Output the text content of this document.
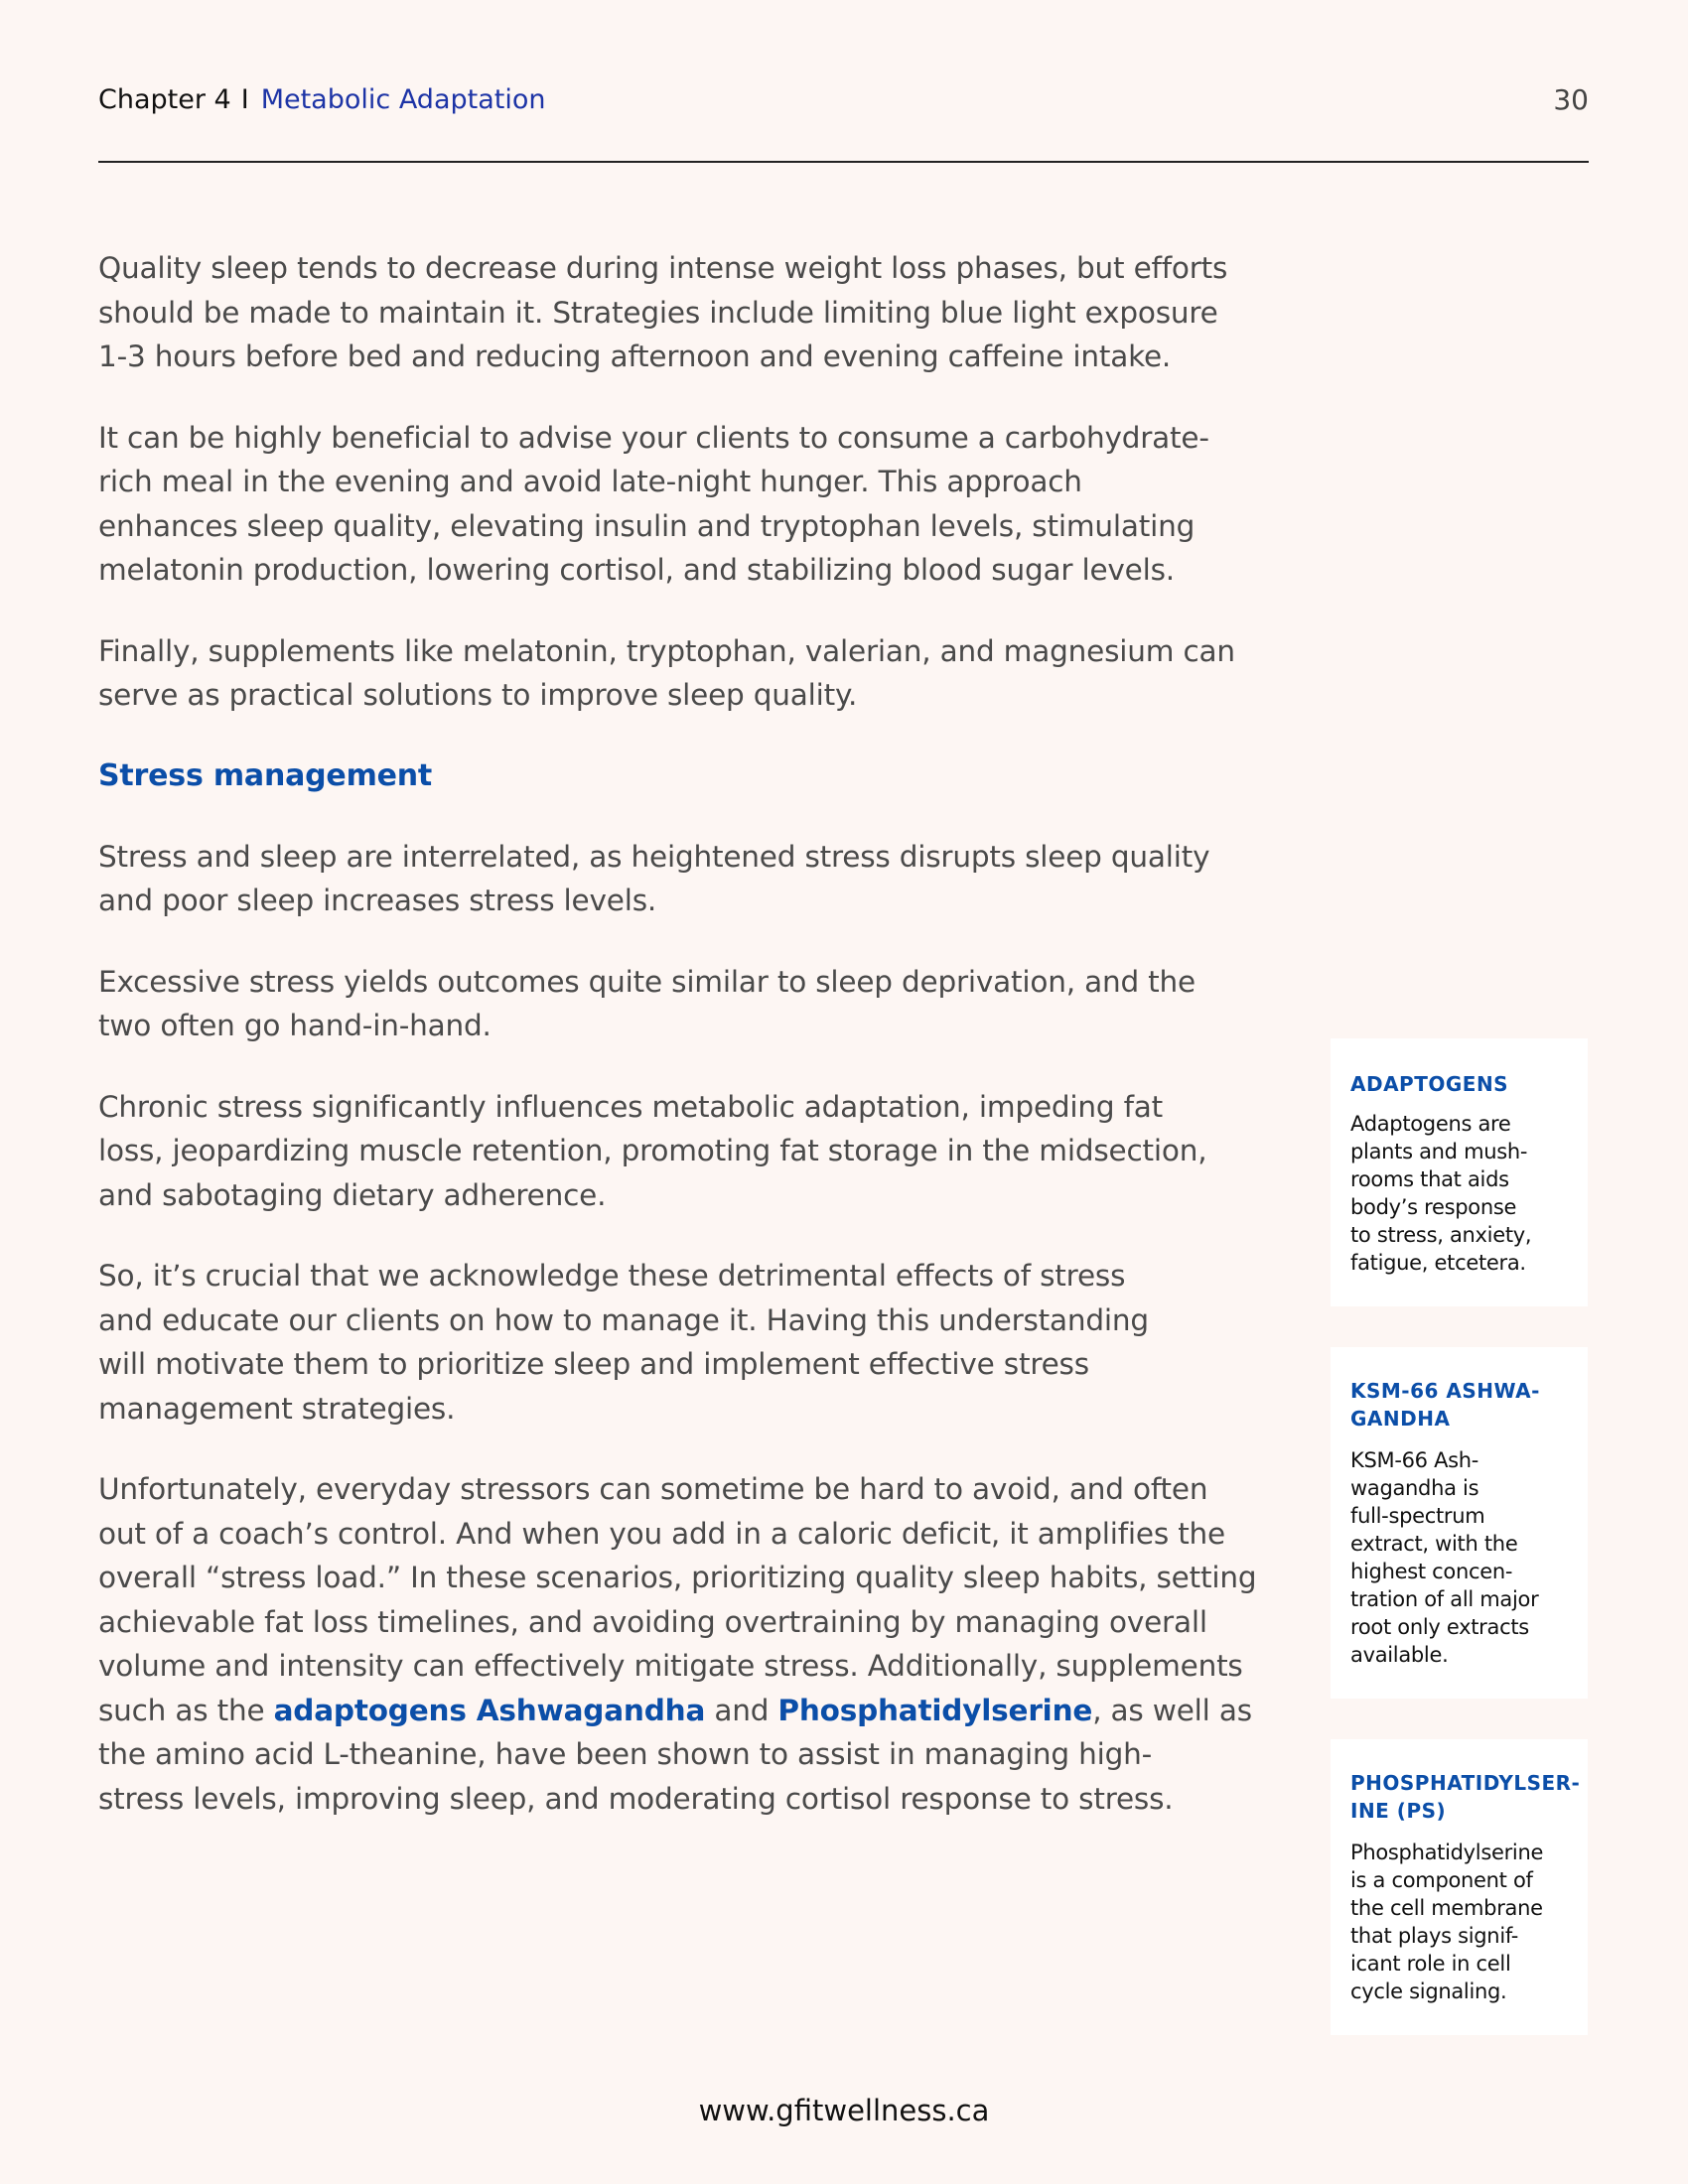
Chapter 4 I Metabolic Adaptation	30

Quality sleep tends to decrease during intense weight loss phases, but efforts
should be made to maintain it. Strategies include limiting blue light exposure
1-3 hours before bed and reducing afternoon and evening caffeine intake.

It can be highly beneficial to advise your clients to consume a carbohydrate-
rich meal in the evening and avoid late-night hunger. This approach
enhances sleep quality, elevating insulin and tryptophan levels, stimulating
melatonin production, lowering cortisol, and stabilizing blood sugar levels.

Finally, supplements like melatonin, tryptophan, valerian, and magnesium can
serve as practical solutions to improve sleep quality.

Stress management

Stress and sleep are interrelated, as heightened stress disrupts sleep quality
and poor sleep increases stress levels.

Excessive stress yields outcomes quite similar to sleep deprivation, and the
two often go hand-in-hand.

Chronic stress significantly influences metabolic adaptation, impeding fat
loss, jeopardizing muscle retention, promoting fat storage in the midsection,
and sabotaging dietary adherence.

So, it’s crucial that we acknowledge these detrimental effects of stress
and educate our clients on how to manage it. Having this understanding
will motivate them to prioritize sleep and implement effective stress
management strategies.

Unfortunately, everyday stressors can sometime be hard to avoid, and often
out of a coach’s control. And when you add in a caloric deficit, it amplifies the
overall “stress load.” In these scenarios, prioritizing quality sleep habits, setting
achievable fat loss timelines, and avoiding overtraining by managing overall
volume and intensity can effectively mitigate stress. Additionally, supplements
such as the adaptogens Ashwagandha and Phosphatidylserine, as well as
the amino acid L-theanine, have been shown to assist in managing high-
stress levels, improving sleep, and moderating cortisol response to stress.

ADAPTOGENS
Adaptogens are
plants and mush-
rooms that aids
body’s response
to stress, anxiety,
fatigue, etcetera.
KSM-66 ASHWA-
GANDHA
KSM-66 Ash-
wagandha is
full-spectrum
extract, with the
highest concen-
tration of all major
root only extracts
available.
PHOSPHATIDYLSER-
INE (PS)
Phosphatidylserine
is a component of
the cell membrane
that plays signif-
icant role in cell
cycle signaling.
www.gfitwellness.ca
